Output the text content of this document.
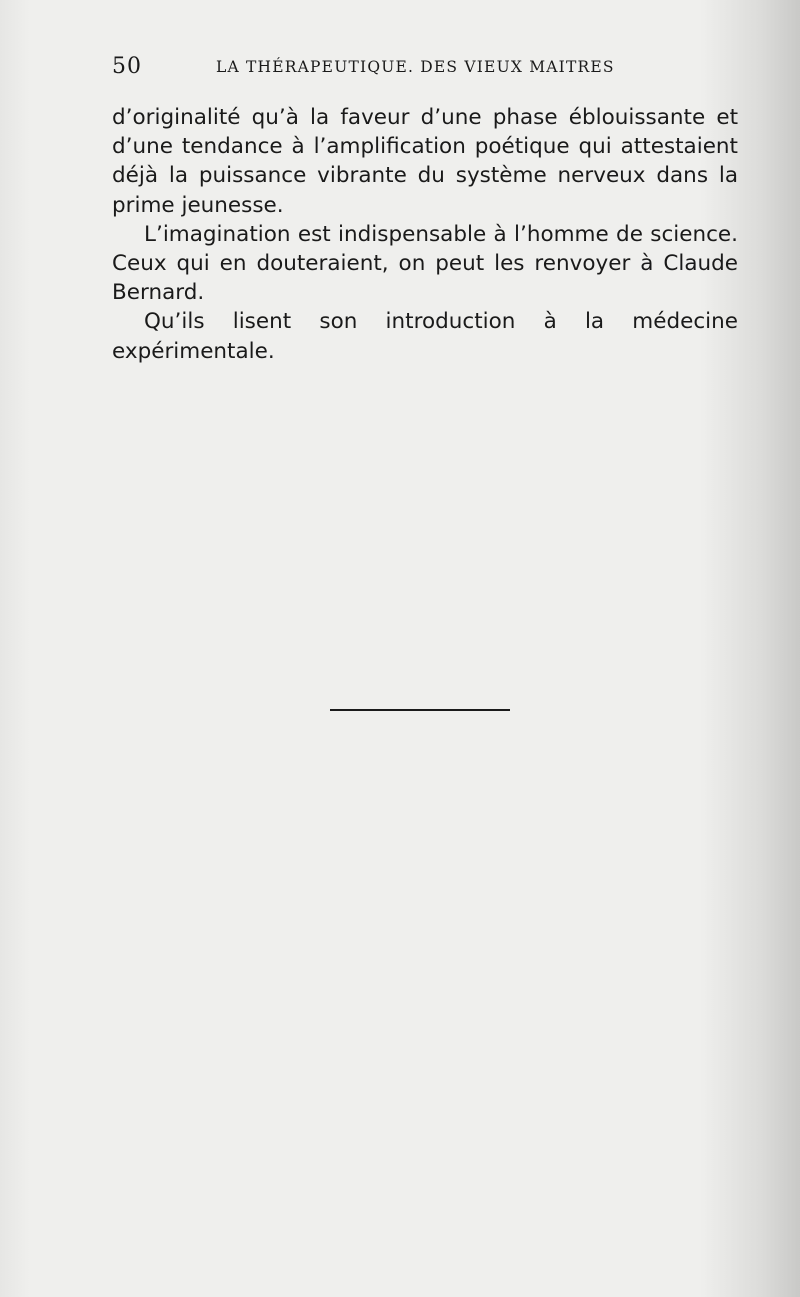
50	LA THÉRAPEUTIQUE. DES VIEUX MAITRES

d’originalité qu’à la faveur d’une phase éblouissante et d’une tendance à l’amplification poétique qui attestaient déjà la puissance vibrante du système nerveux dans la prime jeunesse.

L’imagination est indispensable à l’homme de science. Ceux qui en douteraient, on peut les renvoyer à Claude Bernard.

Qu’ils lisent son introduction à la médecine expérimentale.
